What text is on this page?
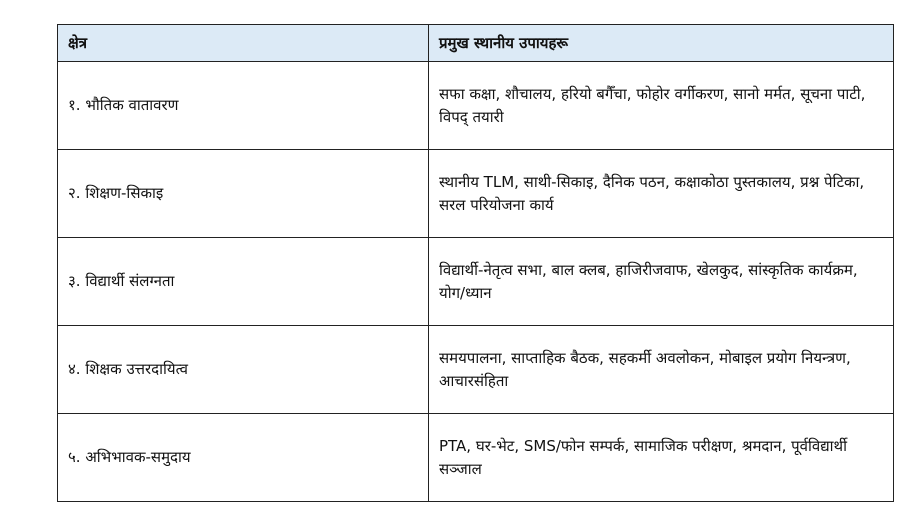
क्षेत्र	प्रमुख स्थानीय उपायहरू
१. भौतिक वातावरण	सफा कक्षा, शौचालय, हरियो बगैँचा, फोहोर वर्गीकरण, सानो मर्मत, सूचना पाटी, विपद् तयारी
२. शिक्षण-सिकाइ	स्थानीय TLM, साथी-सिकाइ, दैनिक पठन, कक्षाकोठा पुस्तकालय, प्रश्न पेटिका, सरल परियोजना कार्य
३. विद्यार्थी संलग्नता	विद्यार्थी-नेतृत्व सभा, बाल क्लब, हाजिरीजवाफ, खेलकुद, सांस्कृतिक कार्यक्रम, योग/ध्यान
४. शिक्षक उत्तरदायित्व	समयपालना, साप्ताहिक बैठक, सहकर्मी अवलोकन, मोबाइल प्रयोग नियन्त्रण, आचारसंहिता
५. अभिभावक-समुदाय	PTA, घर-भेट, SMS/फोन सम्पर्क, सामाजिक परीक्षण, श्रमदान, पूर्वविद्यार्थी सञ्जाल
